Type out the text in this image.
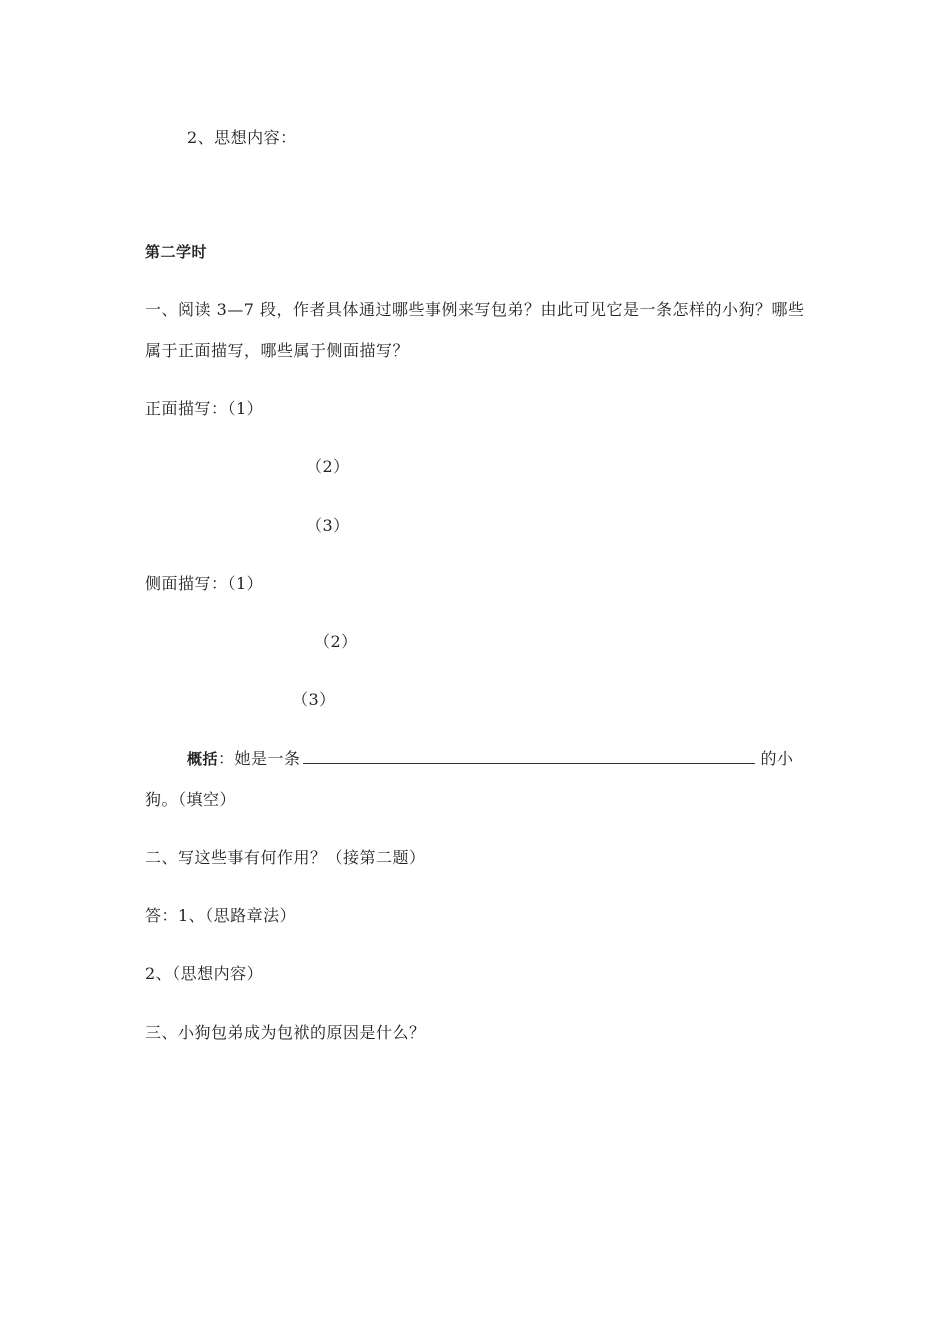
2、思想内容：
第二学时
一、阅读 3—7 段，作者具体通过哪些事例来写包弟？由此可见它是一条怎样的小狗？哪些
属于正面描写，哪些属于侧面描写？
正面描写：（1）
（2）
（3）
侧面描写：（1）
（2）
（3）
概括：她是一条	的小
狗。（填空）
二、写这些事有何作用？（接第二题）
答：1、（思路章法）
2、（思想内容）
三、小狗包弟成为包袱的原因是什么？
